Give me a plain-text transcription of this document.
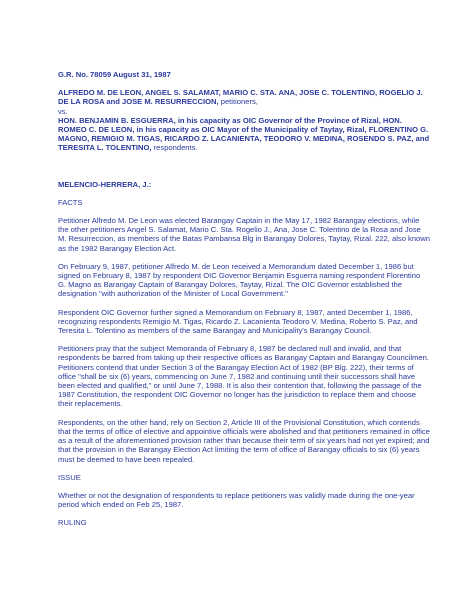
G.R. No. 78059 August 31, 1987

ALFREDO M. DE LEON, ANGEL S. SALAMAT, MARIO C. STA. ANA, JOSE C. TOLENTINO, ROGELIO J. DE LA ROSA and JOSE M. RESURRECCION, petitioners,

vs.

HON. BENJAMIN B. ESGUERRA, in his capacity as OIC Governor of the Province of Rizal, HON. ROMEO C. DE LEON, in his capacity as OIC Mayor of the Municipality of Taytay, Rizal, FLORENTINO G. MAGNO, REMIGIO M. TIGAS, RICARDO Z. LACANIENTA, TEODORO V. MEDINA, ROSENDO S. PAZ, and TERESITA L. TOLENTINO, respondents.

MELENCIO-HERRERA, J.:

FACTS

Petitioner Alfredo M. De Leon was elected Barangay Captain in the May 17, 1982 Barangay elections, while the other petitioners Angel S. Salamat, Mario C. Sta. Rogelio J., Ana, Jose C. Tolentino de la Rosa and Jose M. Resurreccion, as members of the Batas Pambansa Blg in Barangay Dolores, Taytay, Rizal. 222, also known as the 1982 Barangay Election Act.

On February 9, 1987, petitioner Alfredo M. de Leon received a Memorandum dated December 1, 1986 but signed on February 8, 1987 by respondent OIC Governor Benjamin Esguerra naming respondent Florentino G. Magno as Barangay Captain of Barangay Dolores, Taytay, Rizal. The OIC Governor established the designation "with authorization of the Minister of Local Government."

Respondent OIC Governor further signed a Memorandum on February 8, 1987, anted December 1, 1986, recognizing respondents Remigio M. Tigas, Ricardo Z. Lacanienta Teodoro V. Medina, Roberto S. Paz, and Teresita L. Tolentino as members of the same Barangay and Municipality's Barangay Council.

Petitioners pray that the subject Memoranda of February 8, 1987 be declared null and invalid, and that respondents be barred from taking up their respective offices as Barangay Captain and Barangay Councilmen. Petitioners contend that under Section 3 of the Barangay Election Act of 1982 (BP Blg. 222), their terms of office "shall be six (6) years, commencing on June 7, 1982 and continuing until their successors shall have been elected and qualified," or until June 7, 1988. It is also their contention that, following the passage of the 1987 Constitution, the respondent OIC Governor no longer has the jurisdiction to replace them and choose their replacements.

Respondents, on the other hand, rely on Section 2, Article III of the Provisional Constitution, which contends that the terms of office of elective and appointive officials were abolished and that petitioners remained in office as a result of the aforementioned provision rather than because their term of six years had not yet expired; and that the provision in the Barangay Election Act limiting the term of office of Barangay officials to six (6) years must be deemed to have been repealed.

ISSUE

Whether or not the designation of respondents to replace petitioners was validly made during the one-year period which ended on Feb 25, 1987.

RULING
